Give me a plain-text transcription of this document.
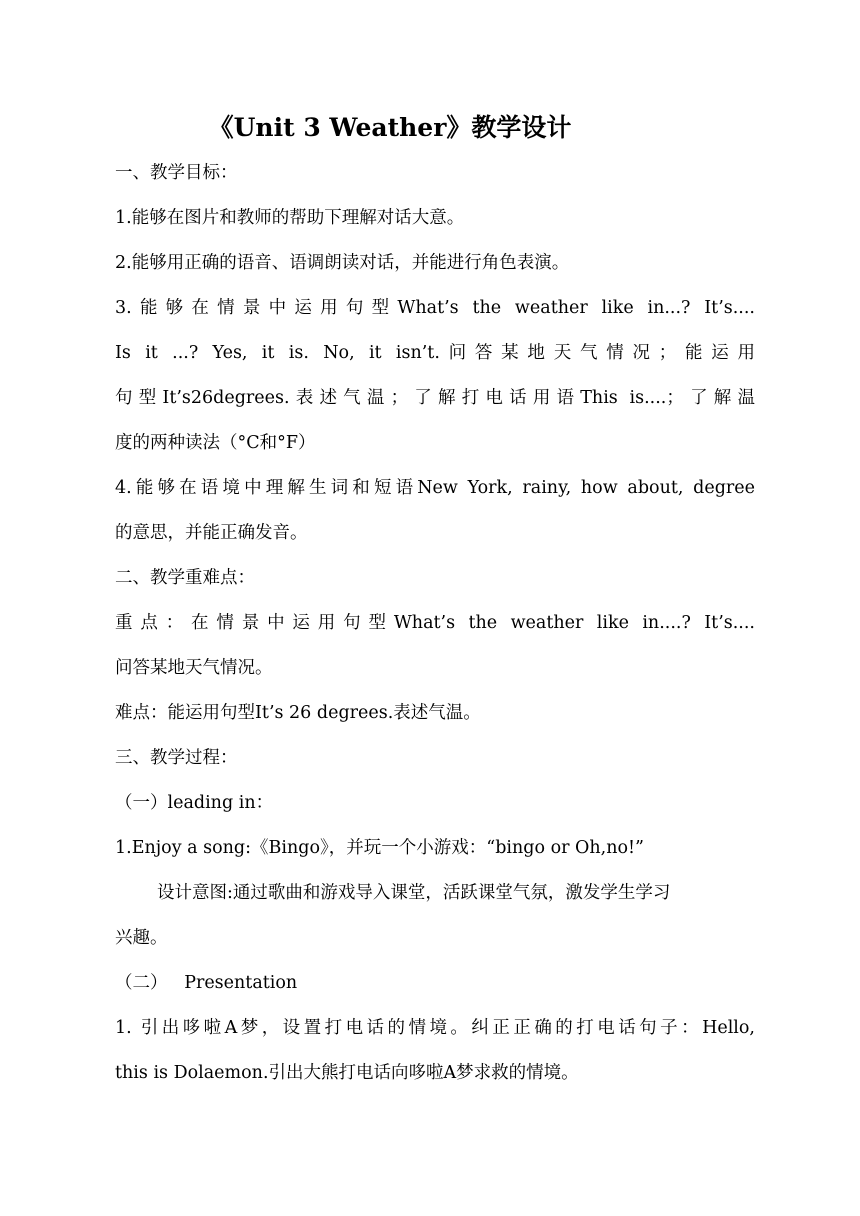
《Unit 3 Weather》教学设计
一、教学目标：
1.能够在图片和教师的帮助下理解对话大意。
2.能够用正确的语音、语调朗读对话，并能进行角色表演。
3.能够在情景中运用句型What’s the weather like in...? It’s....
Is it ...? Yes, it is. No, it isn’t.问答某地天气情况；能运用
句型It’s26degrees.表述气温；了解打电话用语This is....；了解温
度的两种读法（°C和°F）
4.能够在语境中理解生词和短语New York, rainy, how about, degree
的意思，并能正确发音。
二、教学重难点：
重点：在情景中运用句型What’s the weather like in....? It’s....
问答某地天气情况。
难点：能运用句型It’s 26 degrees.表述气温。
三、教学过程：
（一）leading in：
1.Enjoy a song:《Bingo》，并玩一个小游戏：“bingo or Oh,no!”
设计意图:通过歌曲和游戏导入课堂，活跃课堂气氛，激发学生学习
兴趣。
（二）   Presentation
1. 引出哆啦A梦，设置打电话的情境。纠正正确的打电话句子：Hello,
this is Dolaemon.引出大熊打电话向哆啦A梦求救的情境。
